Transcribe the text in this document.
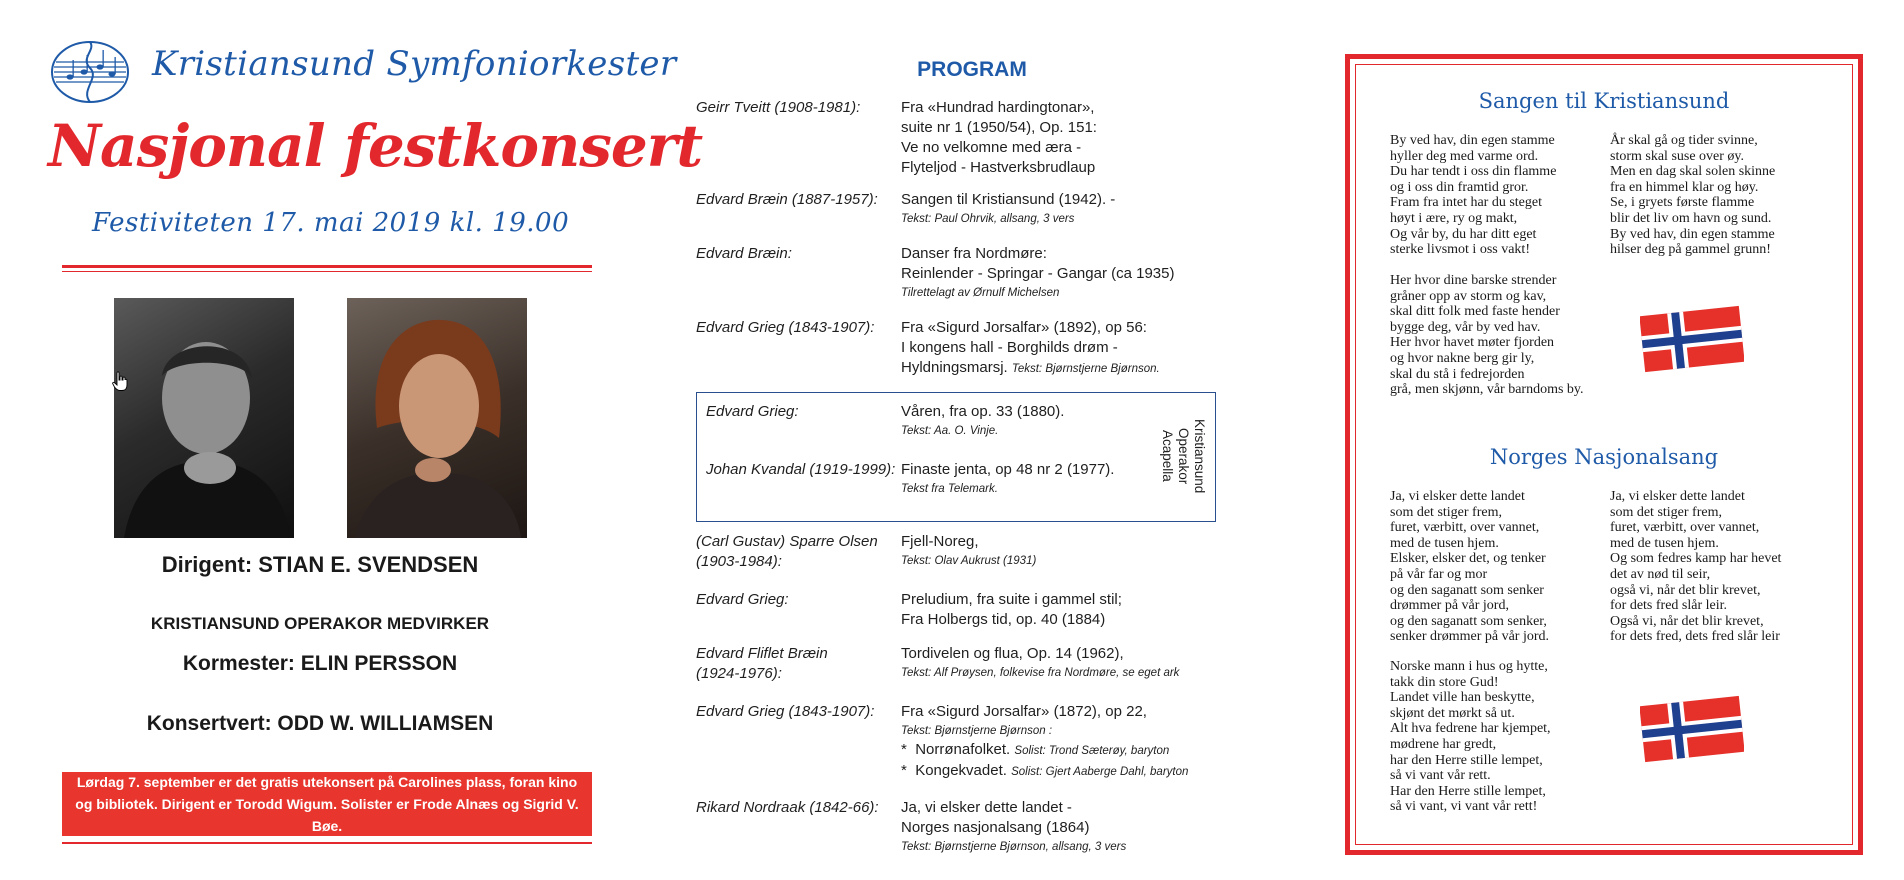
Kristiansund Symfoniorkester
Nasjonal festkonsert
Festiviteten 17. mai 2019 kl. 19.00
Dirigent: STIAN E. SVENDSEN
KRISTIANSUND OPERAKOR MEDVIRKER
Kormester: ELIN PERSSON
Konsertvert: ODD W. WILLIAMSEN
Lørdag 7. september er det gratis utekonsert på Carolines plass, foran kino og bibliotek. Dirigent er Torodd Wigum. Solister er Frode Alnæs og Sigrid V. Bøe.
PROGRAM
Geirr Tveitt (1908-1981):	Fra «Hundrad hardingtonar»,
suite nr 1 (1950/54), Op. 151:
Ve no velkomne med æra -
Flyteljod - Hastverksbrudlaup
Edvard Bræin (1887-1957):	Sangen til Kristiansund (1942). -
Tekst: Paul Ohrvik, allsang, 3 vers
Edvard Bræin:	Danser fra Nordmøre:
Reinlender - Springar - Gangar (ca 1935)
Tilrettelagt av Ørnulf Michelsen
Edvard Grieg (1843-1907):	Fra «Sigurd Jorsalfar» (1892), op 56:
I kongens hall - Borghilds drøm -
Hyldningsmarsj. Tekst: Bjørnstjerne Bjørnson.
Kristiansund
Operakor
Acapella
Edvard Grieg:	Våren, fra op. 33 (1880).
Tekst: Aa. O. Vinje.
Johan Kvandal (1919-1999): Finaste jenta, op 48 nr 2 (1977).
Tekst fra Telemark.
(Carl Gustav) Sparre Olsen
(1903-1984):
Fjell-Noreg,
Tekst: Olav Aukrust (1931)
Edvard Grieg:	Preludium, fra suite i gammel stil;
Fra Holbergs tid, op. 40 (1884)
Edvard Fliflet Bræin
(1924-1976):
Tordivelen og flua, Op. 14 (1962),
Tekst: Alf Prøysen, folkevise fra Nordmøre, se eget ark
Edvard Grieg (1843-1907):	Fra «Sigurd Jorsalfar» (1872), op 22,
Tekst: Bjørnstjerne Bjørnson :
* Norrønafolket. Solist: Trond Sæterøy, baryton
* Kongekvadet. Solist: Gjert Aaberge Dahl, baryton
Rikard Nordraak (1842-66):	Ja, vi elsker dette landet -
Norges nasjonalsang (1864)
Tekst: Bjørnstjerne Bjørnson, allsang, 3 vers
Sangen til Kristiansund
By ved hav, din egen stamme
hyller deg med varme ord.
Du har tendt i oss din flamme
og i oss din framtid gror.
Fram fra intet har du steget
høyt i ære, ry og makt,
Og vår by, du har ditt eget
sterke livsmot i oss vakt!
Her hvor dine barske strender
gråner opp av storm og kav,
skal ditt folk med faste hender
bygge deg, vår by ved hav.
Her hvor havet møter fjorden
og hvor nakne berg gir ly,
skal du stå i fedrejorden
grå, men skjønn, vår barndoms by.
År skal gå og tider svinne,
storm skal suse over øy.
Men en dag skal solen skinne
fra en himmel klar og høy.
Se, i gryets første flamme
blir det liv om havn og sund.
By ved hav, din egen stamme
hilser deg på gammel grunn!
Norges Nasjonalsang
Ja, vi elsker dette landet
som det stiger frem,
furet, værbitt, over vannet,
med de tusen hjem.
Elsker, elsker det, og tenker
på vår far og mor
og den saganatt som senker
drømmer på vår jord,
og den saganatt som senker,
senker drømmer på vår jord.
Norske mann i hus og hytte,
takk din store Gud!
Landet ville han beskytte,
skjønt det mørkt så ut.
Alt hva fedrene har kjempet,
mødrene har gredt,
har den Herre stille lempet,
så vi vant vår rett.
Har den Herre stille lempet,
så vi vant, vi vant vår rett!
Ja, vi elsker dette landet
som det stiger frem,
furet, værbitt, over vannet,
med de tusen hjem.
Og som fedres kamp har hevet
det av nød til seir,
også vi, når det blir krevet,
for dets fred slår leir.
Også vi, når det blir krevet,
for dets fred, dets fred slår leir
